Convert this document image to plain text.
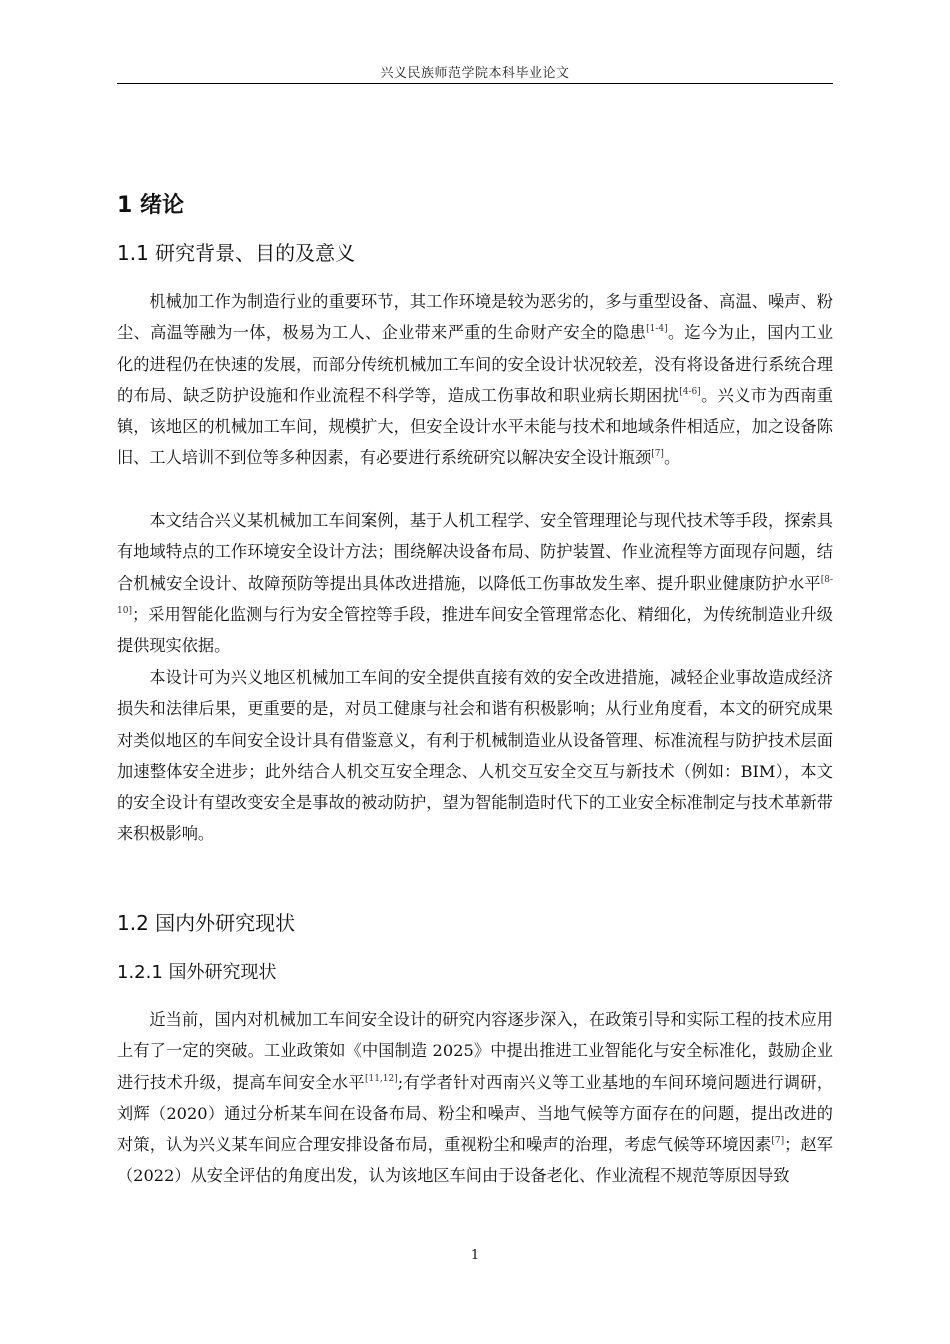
兴义民族师范学院本科毕业论文
1 绪论
1.1 研究背景、目的及意义

机械加工作为制造行业的重要环节，其工作环境是较为恶劣的，多与重型设备、高温、噪声、粉尘、高温等融为一体，极易为工人、企业带来严重的生命财产安全的隐患[1-4]。迄今为止，国内工业化的进程仍在快速的发展，而部分传统机械加工车间的安全设计状况较差，没有将设备进行系统合理的布局、缺乏防护设施和作业流程不科学等，造成工伤事故和职业病长期困扰[4-6]。兴义市为西南重镇，该地区的机械加工车间，规模扩大，但安全设计水平未能与技术和地域条件相适应，加之设备陈旧、工人培训不到位等多种因素，有必要进行系统研究以解决安全设计瓶颈[7]。

本文结合兴义某机械加工车间案例，基于人机工程学、安全管理理论与现代技术等手段，探索具有地域特点的工作环境安全设计方法；围绕解决设备布局、防护装置、作业流程等方面现存问题，结合机械安全设计、故障预防等提出具体改进措施，以降低工伤事故发生率、提升职业健康防护水平[8-10]；采用智能化监测与行为安全管控等手段，推进车间安全管理常态化、精细化，为传统制造业升级提供现实依据。

本设计可为兴义地区机械加工车间的安全提供直接有效的安全改进措施，减轻企业事故造成经济损失和法律后果，更重要的是，对员工健康与社会和谐有积极影响；从行业角度看，本文的研究成果对类似地区的车间安全设计具有借鉴意义，有利于机械制造业从设备管理、标准流程与防护技术层面加速整体安全进步；此外结合人机交互安全理念、人机交互安全交互与新技术（例如：BIM），本文的安全设计有望改变安全是事故的被动防护，望为智能制造时代下的工业安全标准制定与技术革新带来积极影响。

1.2 国内外研究现状
1.2.1 国外研究现状

近当前，国内对机械加工车间安全设计的研究内容逐步深入，在政策引导和实际工程的技术应用上有了一定的突破。工业政策如《中国制造 2025》中提出推进工业智能化与安全标准化，鼓励企业进行技术升级，提高车间安全水平[11,12];有学者针对西南兴义等工业基地的车间环境问题进行调研，刘辉（2020）通过分析某车间在设备布局、粉尘和噪声、当地气候等方面存在的问题，提出改进的对策，认为兴义某车间应合理安排设备布局，重视粉尘和噪声的治理，考虑气候等环境因素[7]；赵军（2022）从安全评估的角度出发，认为该地区车间由于设备老化、作业流程不规范等原因导致

1
